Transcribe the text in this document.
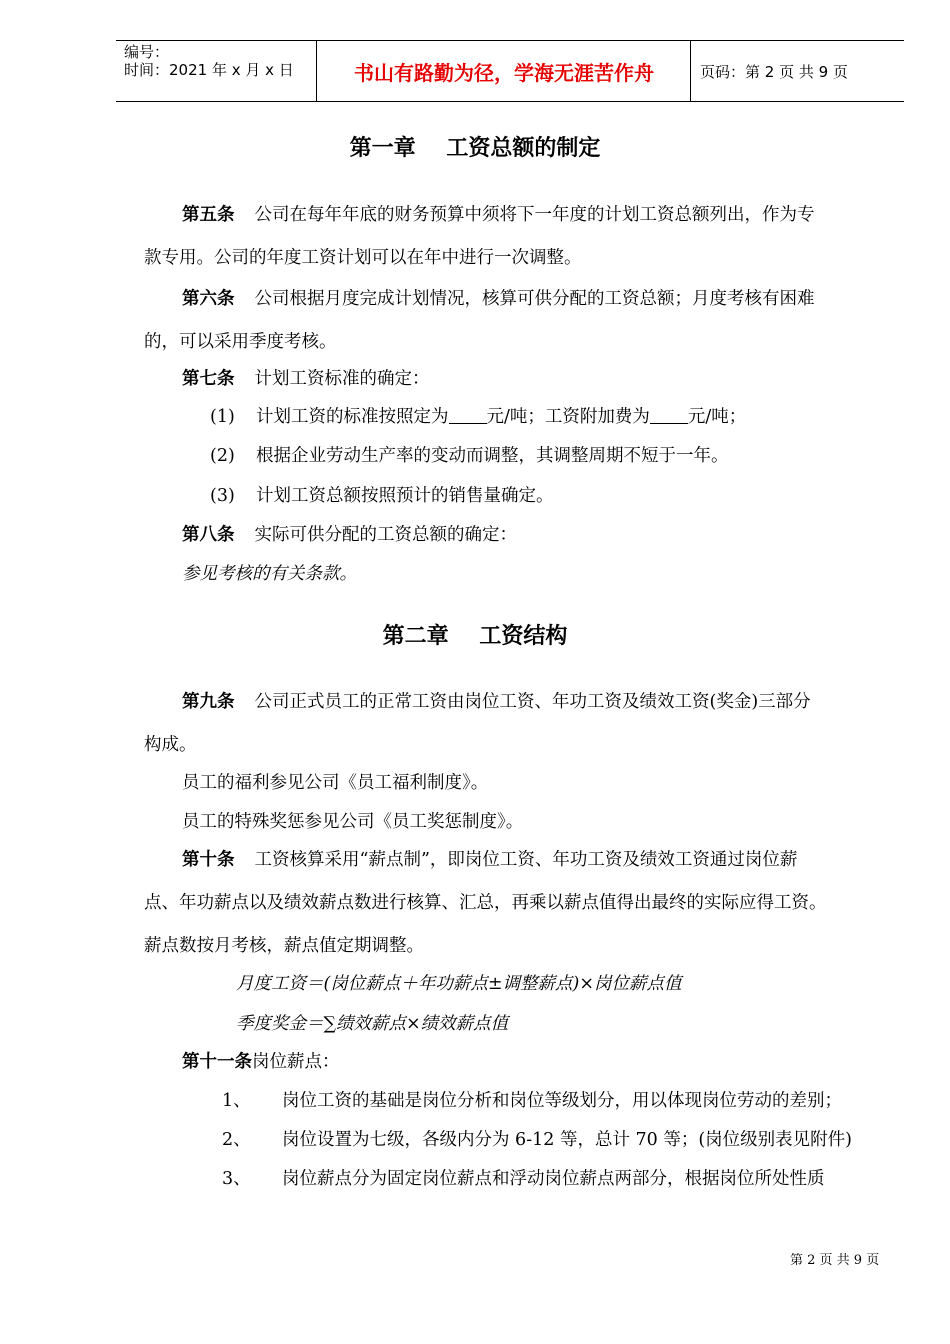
编号：
时间：2021 年 x 月 x 日	书山有路勤为径，学海无涯苦作舟	页码：第 2 页 共 9 页
第一章 工资总额的制定
第五条 公司在每年年底的财务预算中须将下一年度的计划工资总额列出，作为专
款专用。公司的年度工资计划可以在年中进行一次调整。
第六条 公司根据月度完成计划情况，核算可供分配的工资总额；月度考核有困难
的，可以采用季度考核。
第七条 计划工资标准的确定：
(1) 计划工资的标准按照定为 元/吨；工资附加费为 元/吨；
(2) 根据企业劳动生产率的变动而调整，其调整周期不短于一年。
(3) 计划工资总额按照预计的销售量确定。
第八条 实际可供分配的工资总额的确定：
参见考核的有关条款。
第二章 工资结构
第九条 公司正式员工的正常工资由岗位工资、年功工资及绩效工资(奖金)三部分
构成。
员工的福利参见公司《员工福利制度》。
员工的特殊奖惩参见公司《员工奖惩制度》。
第十条 工资核算采用“薪点制”，即岗位工资、年功工资及绩效工资通过岗位薪
点、年功薪点以及绩效薪点数进行核算、汇总，再乘以薪点值得出最终的实际应得工资。
薪点数按月考核，薪点值定期调整。
月度工资＝(岗位薪点＋年功薪点±调整薪点)×岗位薪点值
季度奖金＝∑绩效薪点×绩效薪点值
第十一条岗位薪点：
1、 岗位工资的基础是岗位分析和岗位等级划分，用以体现岗位劳动的差别；
2、 岗位设置为七级，各级内分为 6-12 等，总计 70 等；(岗位级别表见附件)
3、 岗位薪点分为固定岗位薪点和浮动岗位薪点两部分，根据岗位所处性质
第 2 页 共 9 页
